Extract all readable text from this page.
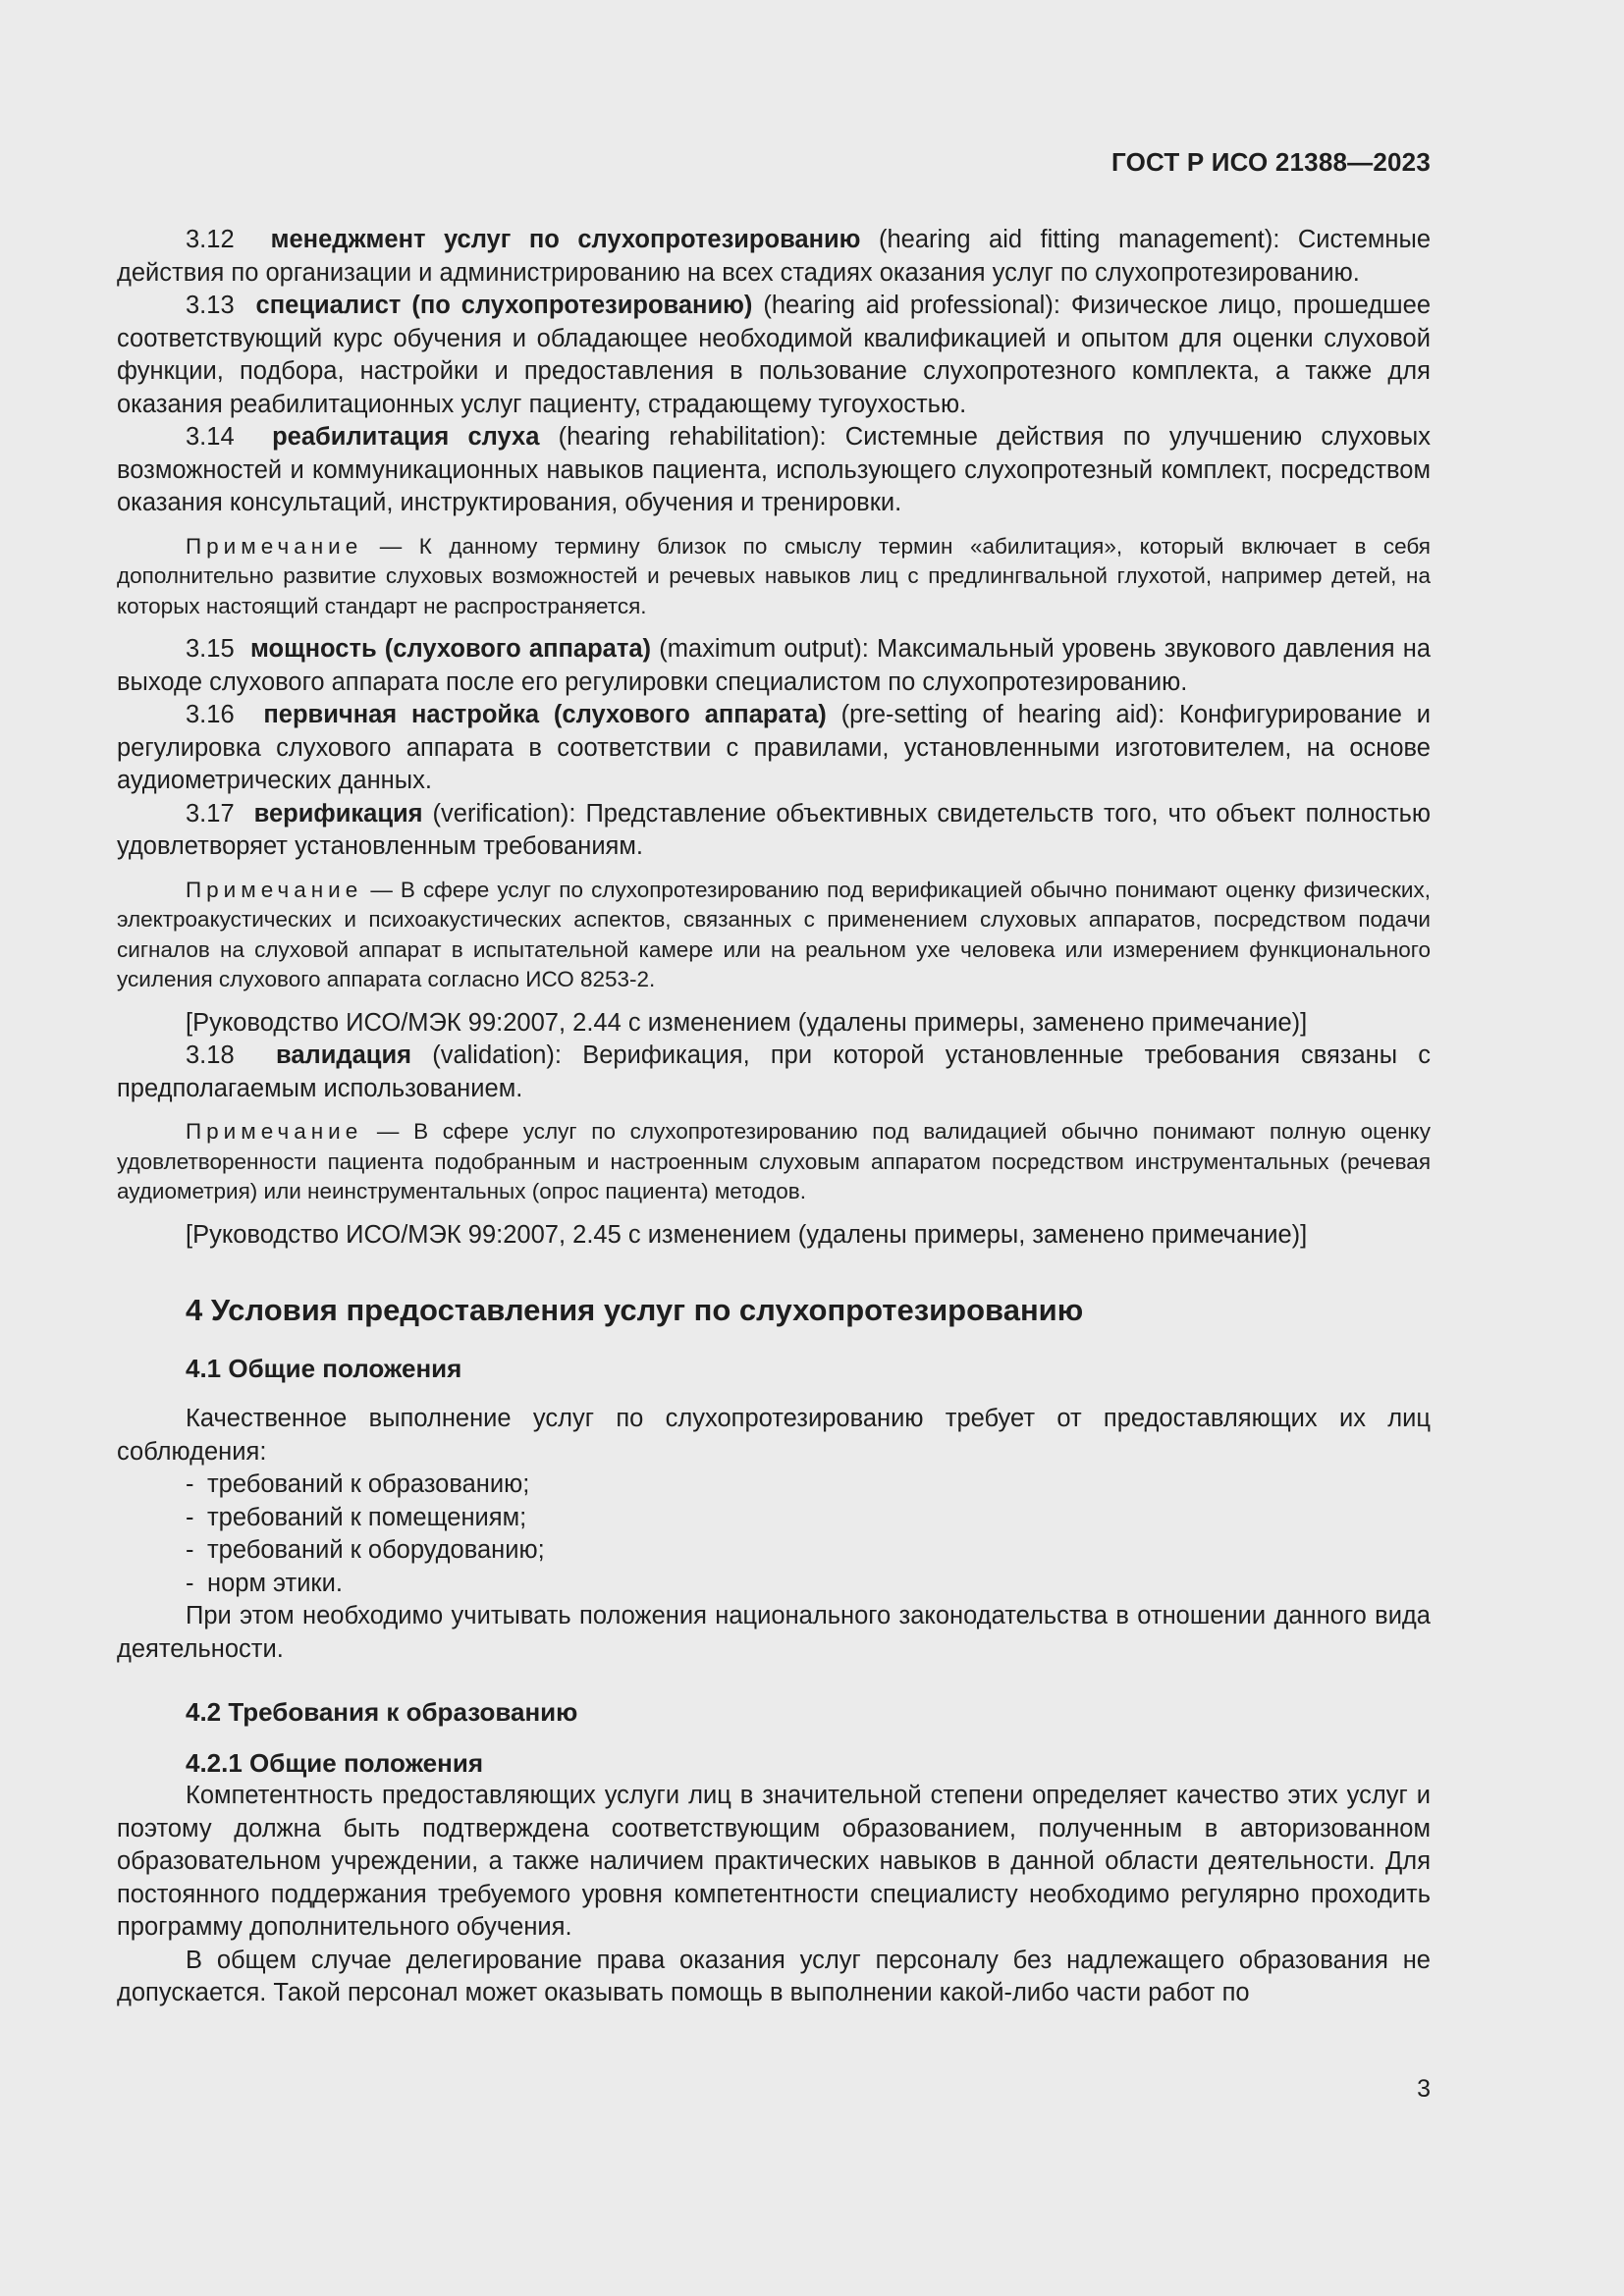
ГОСТ Р ИСО 21388—2023

3.12 менеджмент услуг по слухопротезированию (hearing aid fitting management): Системные действия по организации и администрированию на всех стадиях оказания услуг по слухопротезированию.

3.13 специалист (по слухопротезированию) (hearing aid professional): Физическое лицо, прошедшее соответствующий курс обучения и обладающее необходимой квалификацией и опытом для оценки слуховой функции, подбора, настройки и предоставления в пользование слухопротезного комплекта, а также для оказания реабилитационных услуг пациенту, страдающему тугоухостью.

3.14 реабилитация слуха (hearing rehabilitation): Системные действия по улучшению слуховых возможностей и коммуникационных навыков пациента, использующего слухопротезный комплект, посредством оказания консультаций, инструктирования, обучения и тренировки.

Примечание — К данному термину близок по смыслу термин «абилитация», который включает в себя дополнительно развитие слуховых возможностей и речевых навыков лиц с предлингвальной глухотой, например детей, на которых настоящий стандарт не распространяется.

3.15 мощность (слухового аппарата) (maximum output): Максимальный уровень звукового давления на выходе слухового аппарата после его регулировки специалистом по слухопротезированию.

3.16 первичная настройка (слухового аппарата) (pre-setting of hearing aid): Конфигурирование и регулировка слухового аппарата в соответствии с правилами, установленными изготовителем, на основе аудиометрических данных.

3.17 верификация (verification): Представление объективных свидетельств того, что объект полностью удовлетворяет установленным требованиям.

Примечание — В сфере услуг по слухопротезированию под верификацией обычно понимают оценку физических, электроакустических и психоакустических аспектов, связанных с применением слуховых аппаратов, посредством подачи сигналов на слуховой аппарат в испытательной камере или на реальном ухе человека или измерением функционального усиления слухового аппарата согласно ИСО 8253-2.

[Руководство ИСО/МЭК 99:2007, 2.44 с изменением (удалены примеры, заменено примечание)]

3.18 валидация (validation): Верификация, при которой установленные требования связаны с предполагаемым использованием.

Примечание — В сфере услуг по слухопротезированию под валидацией обычно понимают полную оценку удовлетворенности пациента подобранным и настроенным слуховым аппаратом посредством инструментальных (речевая аудиометрия) или неинструментальных (опрос пациента) методов.

[Руководство ИСО/МЭК 99:2007, 2.45 с изменением (удалены примеры, заменено примечание)]

4 Условия предоставления услуг по слухопротезированию
4.1 Общие положения

Качественное выполнение услуг по слухопротезированию требует от предоставляющих их лиц соблюдения:

- требований к образованию;
- требований к помещениям;
- требований к оборудованию;
- норм этики.

При этом необходимо учитывать положения национального законодательства в отношении данного вида деятельности.

4.2 Требования к образованию
4.2.1 Общие положения

Компетентность предоставляющих услуги лиц в значительной степени определяет качество этих услуг и поэтому должна быть подтверждена соответствующим образованием, полученным в авторизованном образовательном учреждении, а также наличием практических навыков в данной области деятельности. Для постоянного поддержания требуемого уровня компетентности специалисту необходимо регулярно проходить программу дополнительного обучения.

В общем случае делегирование права оказания услуг персоналу без надлежащего образования не допускается. Такой персонал может оказывать помощь в выполнении какой-либо части работ по

3
